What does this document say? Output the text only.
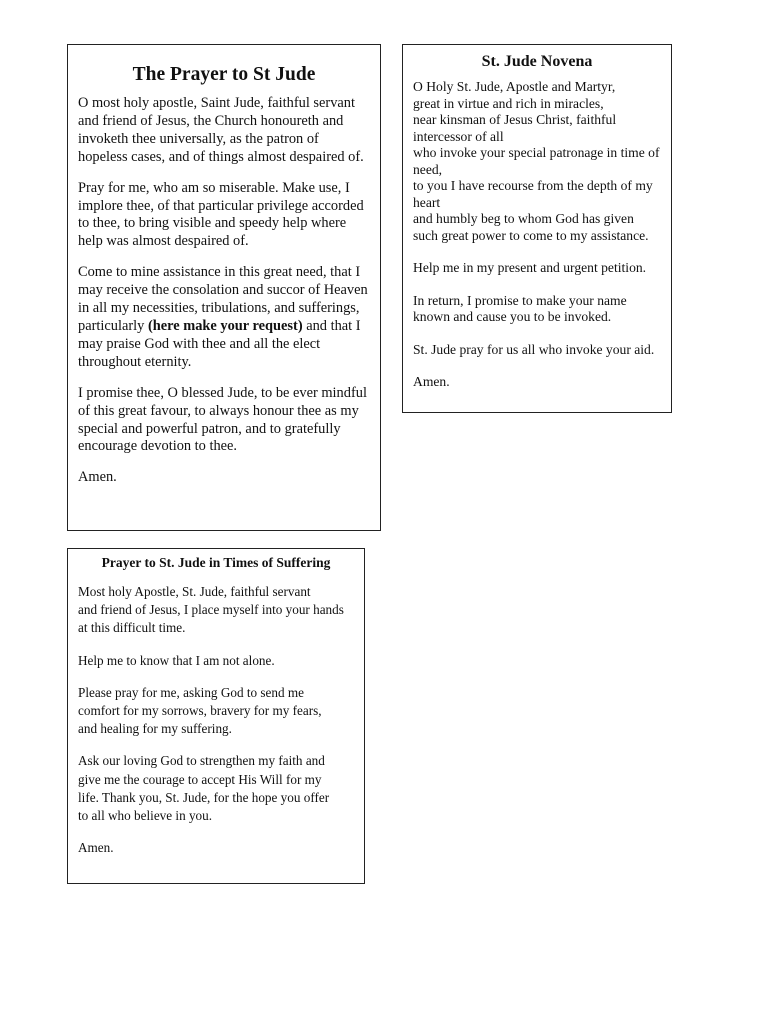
The Prayer to St Jude

O most holy apostle, Saint Jude, faithful servant and friend of Jesus, the Church honoureth and invoketh thee universally, as the patron of hopeless cases, and of things almost despaired of.

Pray for me, who am so miserable. Make use, I implore thee, of that particular privilege accorded to thee, to bring visible and speedy help where help was almost despaired of.

Come to mine assistance in this great need, that I may receive the consolation and succor of Heaven in all my necessities, tribulations, and sufferings, particularly (here make your request) and that I may praise God with thee and all the elect throughout eternity.

I promise thee, O blessed Jude, to be ever mindful of this great favour, to always honour thee as my special and powerful patron, and to gratefully encourage devotion to thee.

Amen.

St. Jude Novena

O Holy St. Jude, Apostle and Martyr,
great in virtue and rich in miracles,
near kinsman of Jesus Christ, faithful intercessor of all
who invoke your special patronage in time of need,
to you I have recourse from the depth of my heart
and humbly beg to whom God has given
such great power to come to my assistance.

Help me in my present and urgent petition.

In return, I promise to make your name known and cause you to be invoked.

St. Jude pray for us all who invoke your aid.

Amen.

Prayer to St. Jude in Times of Suffering

Most holy Apostle, St. Jude, faithful servant
and friend of Jesus, I place myself into your hands
at this difficult time.

Help me to know that I am not alone.

Please pray for me, asking God to send me
comfort for my sorrows, bravery for my fears,
and healing for my suffering.

Ask our loving God to strengthen my faith and
give me the courage to accept His Will for my
life. Thank you, St. Jude, for the hope you offer
to all who believe in you.

Amen.
